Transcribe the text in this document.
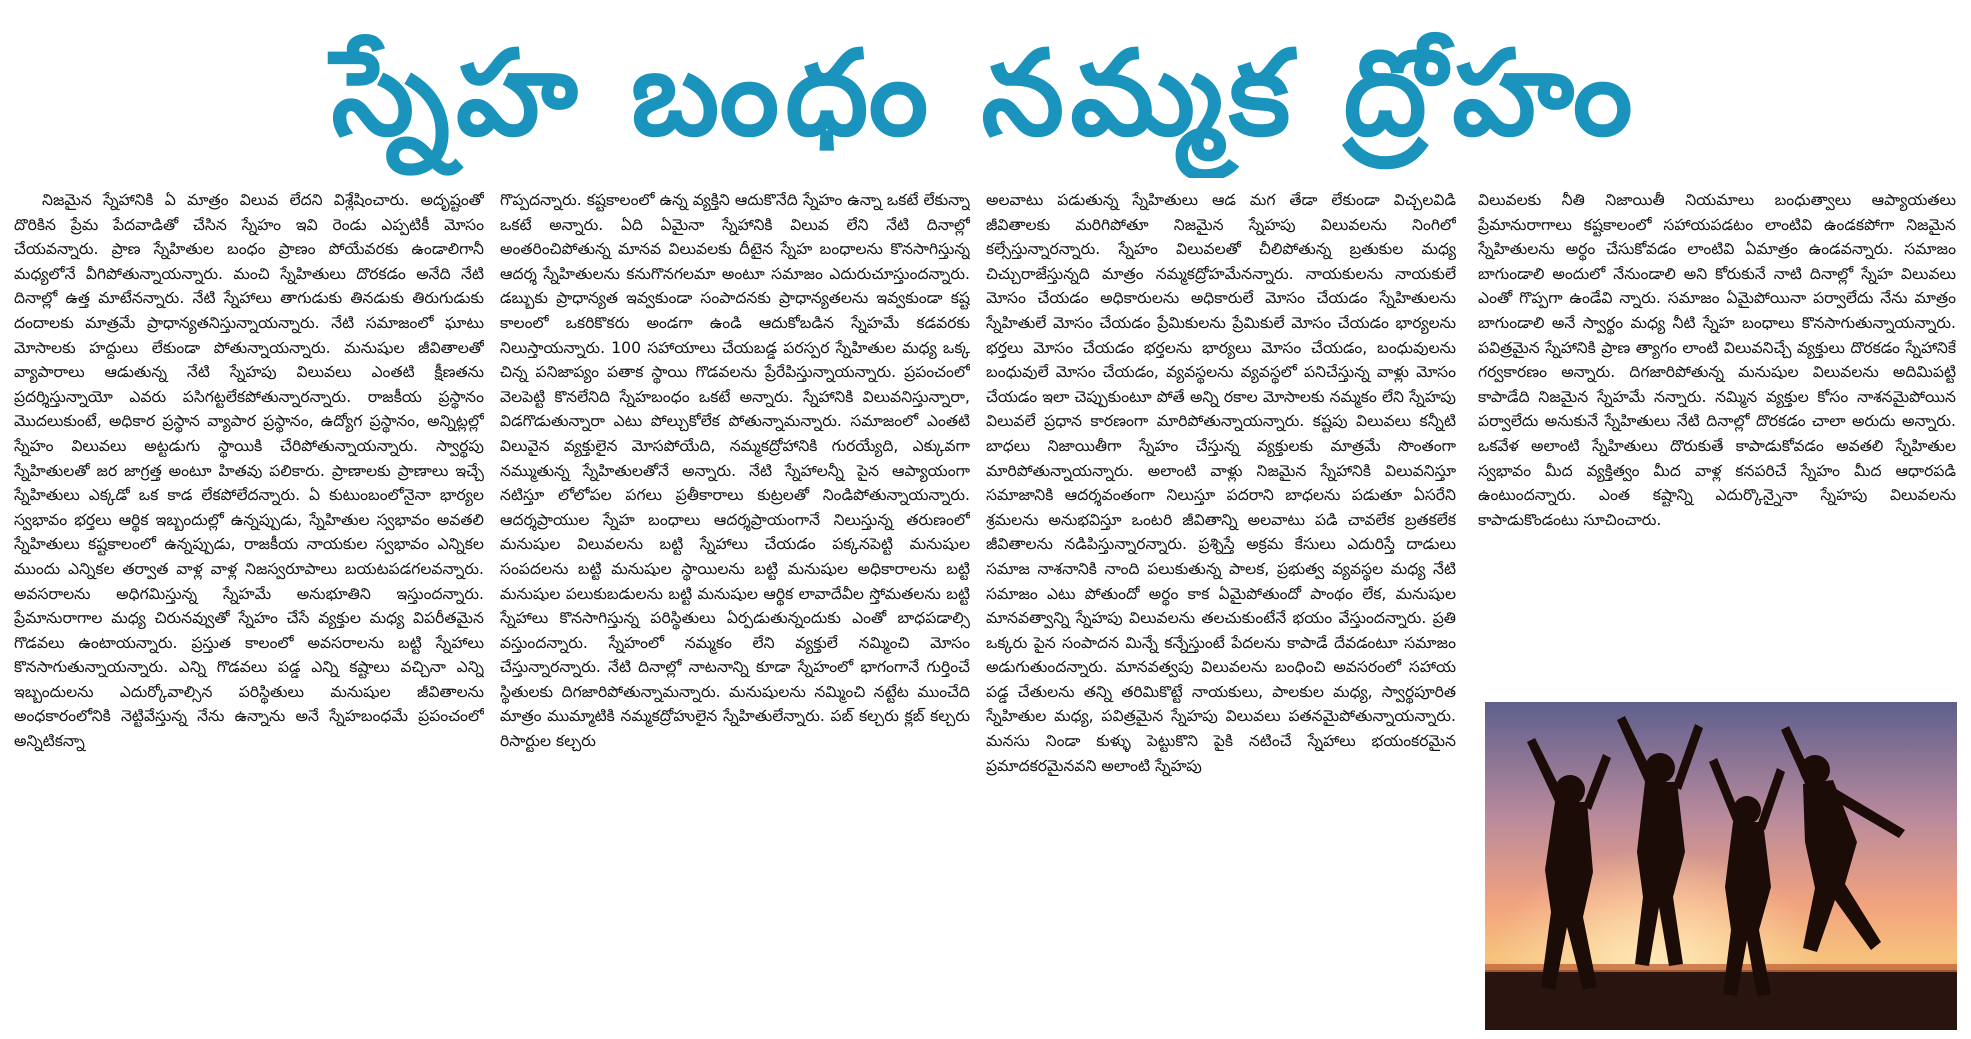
స్నేహ బంధం నమ్మక ద్రోహం

నిజమైన స్నేహానికి ఏ మాత్రం విలువ లేదని విశ్లేషించారు. అదృష్టంతో దొరికిన ప్రేమ పేదవాడితో చేసిన స్నేహం ఇవి రెండు ఎప్పటికీ మోసం చేయవన్నారు. ప్రాణ స్నేహితుల బంధం ప్రాణం పోయేవరకు ఉండాలిగానీ మధ్యలోనే వీగిపోతున్నాయన్నారు. మంచి స్నేహితులు దొరకడం అనేది నేటి దినాల్లో ఉత్త మాటేనన్నారు. నేటి స్నేహాలు తాగుడుకు తినడుకు తిరుగుడుకు దందాలకు మాత్రమే ప్రాధాన్యతనిస్తున్నాయన్నారు. నేటి సమాజంలో ఘాటు మోసాలకు హద్దులు లేకుండా పోతున్నాయన్నారు. మనుషుల జీవితాలతో వ్యాపారాలు ఆడుతున్న నేటి స్నేహపు విలువలు ఎంతటి క్షీణతను ప్రదర్శిస్తున్నాయో ఎవరు పసిగట్టలేకపోతున్నారన్నారు. రాజకీయ ప్రస్థానం మొదలుకుంటే, అధికార ప్రస్థాన వ్యాపార ప్రస్థానం, ఉద్యోగ ప్రస్థానం, అన్నిట్లల్లో స్నేహం విలువలు అట్టడుగు స్థాయికి చేరిపోతున్నాయన్నారు. స్వార్థపు స్నేహితులతో జర జాగ్రత్త అంటూ హితవు పలికారు. ప్రాణాలకు ప్రాణాలు ఇచ్చే స్నేహితులు ఎక్కడో ఒక కాడ లేకపోలేదన్నారు. ఏ కుటుంబంలోనైనా భార్యల స్వభావం భర్తలు ఆర్థిక ఇబ్బందుల్లో ఉన్నప్పుడు, స్నేహితుల స్వభావం అవతలి స్నేహితులు కష్టకాలంలో ఉన్నప్పుడు, రాజకీయ నాయకుల స్వభావం ఎన్నికల ముందు ఎన్నికల తర్వాత వాళ్ల వాళ్ల నిజస్వరూపాలు బయటపడగలవన్నారు. అవసరాలను అధిగమిస్తున్న స్నేహమే అనుభూతిని ఇస్తుందన్నారు. ప్రేమానురాగాల మధ్య చిరునవ్వుతో స్నేహం చేసే వ్యక్తుల మధ్య విపరీతమైన గొడవలు ఉంటాయన్నారు. ప్రస్తుత కాలంలో అవసరాలను బట్టి స్నేహాలు కొనసాగుతున్నాయన్నారు. ఎన్ని గొడవలు పడ్డ ఎన్ని కష్టాలు వచ్చినా ఎన్ని ఇబ్బందులను ఎదుర్కోవాల్సిన పరిస్థితులు మనుషుల జీవితాలను అంధకారంలోనికి నెట్టివేస్తున్న నేను ఉన్నాను అనే స్నేహబంధమే ప్రపంచంలో అన్నిటికన్నా

గొప్పదన్నారు. కష్టకాలంలో ఉన్న వ్యక్తిని ఆదుకొనేది స్నేహం ఉన్నా ఒకటే లేకున్నా ఒకటే అన్నారు. ఏది ఏమైనా స్నేహానికి విలువ లేని నేటి దినాల్లో అంతరించిపోతున్న మానవ విలువలకు దీటైన స్నేహ బంధాలను కొనసాగిస్తున్న ఆదర్శ స్నేహితులను కనుగొనగలమా అంటూ సమాజం ఎదురుచూస్తుందన్నారు. డబ్బుకు ప్రాధాన్యత ఇవ్వకుండా సంపాదనకు ప్రాధాన్యతలను ఇవ్వకుండా కష్ట కాలంలో ఒకరికొకరు అండగా ఉండి ఆదుకోబడిన స్నేహమే కడవరకు నిలుస్తాయన్నారు. 100 సహాయాలు చేయబడ్డ పరస్పర స్నేహితుల మధ్య ఒక్క చిన్న పనిజాప్యం పతాక స్థాయి గొడవలను ప్రేరేపిస్తున్నాయన్నారు. ప్రపంచంలో వెలపెట్టి కొనలేనిది స్నేహబంధం ఒకటే అన్నారు. స్నేహానికి విలువనిస్తున్నారా, విడగొడుతున్నారా ఎటు పోల్చుకోలేక పోతున్నామన్నారు. సమాజంలో ఎంతటి విలువైన వ్యక్తులైన మోసపోయేది, నమ్మకద్రోహానికి గురయ్యేది, ఎక్కువగా నమ్ముతున్న స్నేహితులతోనే అన్నారు. నేటి స్నేహాలన్నీ పైన ఆప్యాయంగా నటిస్తూ లోలోపల పగలు ప్రతీకారాలు కుట్రలతో నిండిపోతున్నాయన్నారు. ఆదర్శప్రాయుల స్నేహ బంధాలు ఆదర్శప్రాయంగానే నిలుస్తున్న తరుణంలో మనుషుల విలువలను బట్టి స్నేహాలు చేయడం పక్కనపెట్టి మనుషుల సంపదలను బట్టి మనుషుల స్థాయిలను బట్టి మనుషుల అధికారాలను బట్టి మనుషుల పలుకుబడులను బట్టి మనుషుల ఆర్థిక లావాదేవీల స్తోమతలను బట్టి స్నేహాలు కొనసాగిస్తున్న పరిస్థితులు ఏర్పడుతున్నందుకు ఎంతో బాధపడాల్సి వస్తుందన్నారు. స్నేహంలో నమ్మకం లేని వ్యక్తులే నమ్మించి మోసం చేస్తున్నారన్నారు. నేటి దినాల్లో నాటనాన్ని కూడా స్నేహంలో భాగంగానే గుర్తించే స్థితులకు దిగజారిపోతున్నామన్నారు. మనుషులను నమ్మించి నట్టేట ముంచేది మాత్రం ముమ్మాటికి నమ్మకద్రోహులైన స్నేహితులేన్నారు. పబ్ కల్చరు క్లబ్ కల్చరు రిసార్టుల కల్చరు

అలవాటు పడుతున్న స్నేహితులు ఆడ మగ తేడా లేకుండా విచ్చలవిడి జీవితాలకు మరిగిపోతూ నిజమైన స్నేహపు విలువలను నింగిలో కల్సేస్తున్నారన్నారు. స్నేహం విలువలతో చీలిపోతున్న బ్రతుకుల మధ్య చిచ్చురాజేస్తున్నది మాత్రం నమ్మకద్రోహమేనన్నారు. నాయకులను నాయకులే మోసం చేయడం అధికారులను అధికారులే మోసం చేయడం స్నేహితులను స్నేహితులే మోసం చేయడం ప్రేమికులను ప్రేమికులే మోసం చేయడం భార్యలను భర్తలు మోసం చేయడం భర్తలను భార్యలు మోసం చేయడం, బంధువులను బంధువులే మోసం చేయడం, వ్యవస్థలను వ్యవస్థలో పనిచేస్తున్న వాళ్లు మోసం చేయడం ఇలా చెప్పుకుంటూ పోతే అన్ని రకాల మోసాలకు నమ్మకం లేని స్నేహపు విలువలే ప్రధాన కారణంగా మారిపోతున్నాయన్నారు. కష్టపు విలువలు కన్నీటి బాధలు నిజాయితీగా స్నేహం చేస్తున్న వ్యక్తులకు మాత్రమే సొంతంగా మారిపోతున్నాయన్నారు. అలాంటి వాళ్లు నిజమైన స్నేహానికి విలువనిస్తూ సమాజానికి ఆదర్శవంతంగా నిలుస్తూ పదరాని బాధలను పడుతూ ఏసరేని శ్రమలను అనుభవిస్తూ ఒంటరి జీవితాన్ని అలవాటు పడి చావలేక బ్రతకలేక జీవితాలను నడిపిస్తున్నారన్నారు. ప్రశ్నిస్తే అక్రమ కేసులు ఎదురిస్తే దాడులు సమాజ నాశనానికి నాంది పలుకుతున్న పాలక, ప్రభుత్వ వ్యవస్థల మధ్య నేటి సమాజం ఎటు పోతుందో అర్థం కాక ఏమైపోతుందో పాంథం లేక, మనుషుల మానవత్వాన్ని స్నేహపు విలువలను తలచుకుంటేనే భయం వేస్తుందన్నారు. ప్రతి ఒక్కరు పైన సంపాదన మిన్నే కన్నేస్తుంటే పేదలను కాపాడే దేవడంటూ సమాజం అడుగుతుందన్నారు. మానవత్వపు విలువలను బంధించి అవసరంలో సహాయ పడ్డ చేతులను తన్ని తరిమికొట్టే నాయకులు, పాలకుల మధ్య, స్వార్థపూరిత స్నేహితుల మధ్య, పవిత్రమైన స్నేహపు విలువలు పతనమైపోతున్నాయన్నారు. మనసు నిండా కుళ్ళు పెట్టుకొని పైకి నటించే స్నేహాలు భయంకరమైన ప్రమాదకరమైనవని అలాంటి స్నేహపు

విలువలకు నీతి నిజాయితీ నియమాలు బంధుత్వాలు ఆప్యాయతలు ప్రేమానురాగాలు కష్టకాలంలో సహాయపడటం లాంటివి ఉండకపోగా నిజమైన స్నేహితులను అర్థం చేసుకోవడం లాంటివి ఏమాత్రం ఉండవన్నారు. సమాజం బాగుండాలి అందులో నేనుండాలి అని కోరుకునే నాటి దినాల్లో స్నేహ విలువలు ఎంతో గొప్పగా ఉండేవి న్నారు. సమాజం ఏమైపోయినా పర్వాలేదు నేను మాత్రం బాగుండాలి అనే స్వార్థం మధ్య నీటి స్నేహ బంధాలు కొనసాగుతున్నాయన్నారు. పవిత్రమైన స్నేహానికి ప్రాణ త్యాగం లాంటి విలువనిచ్చే వ్యక్తులు దొరకడం స్నేహానికే గర్వకారణం అన్నారు. దిగజారిపోతున్న మనుషుల విలువలను అదిమిపట్టి కాపాడేది నిజమైన స్నేహమే నన్నారు. నమ్మిన వ్యక్తుల కోసం నాశనమైపోయిన పర్వాలేదు అనుకునే స్నేహితులు నేటి దినాల్లో దొరకడం చాలా అరుదు అన్నారు. ఒకవేళ అలాంటి స్నేహితులు దొరుకుతే కాపాడుకోవడం అవతలి స్నేహితుల స్వభావం మీద వ్యక్తిత్వం మీద వాళ్ల కనపరిచే స్నేహం మీద ఆధారపడి ఉంటుందన్నారు. ఎంత కష్టాన్ని ఎదుర్కొన్నైనా స్నేహపు విలువలను కాపాడుకొండంటు సూచించారు.
